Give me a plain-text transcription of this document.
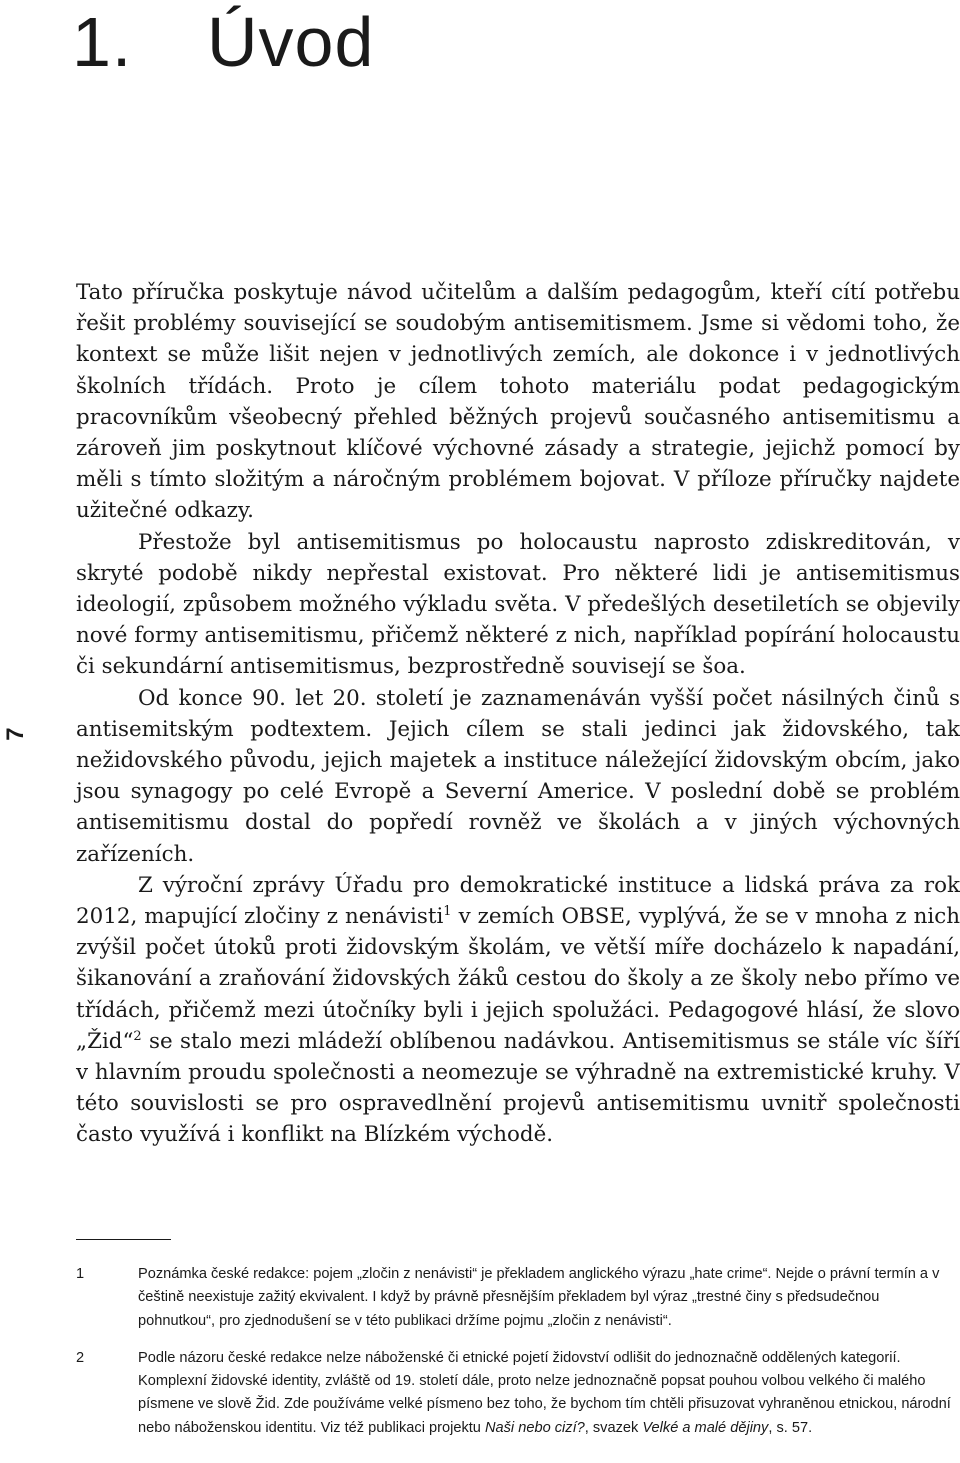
1. Úvod
7

Tato příručka poskytuje návod učitelům a dalším pedagogům, kteří cítí potřebu řešit problémy související se soudobým antisemitismem. Jsme si vědomi toho, že kontext se může lišit nejen v jednotlivých zemích, ale dokonce i v jednotlivých školních třídách. Proto je cílem tohoto materiálu podat pedagogickým pracovníkům všeobecný přehled běžných projevů současného antisemitismu a zároveň jim poskytnout klíčové výchovné zásady a strategie, jejichž pomocí by měli s tímto složitým a náročným problémem bojovat. V příloze příručky najdete užitečné odkazy.

Přestože byl antisemitismus po holocaustu naprosto zdiskreditován, v skryté podobě nikdy nepřestal existovat. Pro některé lidi je antisemitismus ideologií, způsobem možného výkladu světa. V předešlých desetiletích se objevily nové formy antisemitismu, přičemž některé z nich, například popírání holocaustu či sekundární antisemitismus, bezprostředně souvisejí se šoa.

Od konce 90. let 20. století je zaznamenáván vyšší počet násilných činů s antisemitským podtextem. Jejich cílem se stali jedinci jak židovského, tak nežidovského původu, jejich majetek a instituce náležející židovským obcím, jako jsou synagogy po celé Evropě a Severní Americe. V poslední době se problém antisemitismu dostal do popředí rovněž ve školách a v jiných výchovných zařízeních.

Z výroční zprávy Úřadu pro demokratické instituce a lidská práva za rok 2012, mapující zločiny z nenávisti$^1$ v zemích OBSE, vyplývá, že se v mnoha z nich zvýšil počet útoků proti židovským školám, ve větší míře docházelo k napadání, šikanování a zraňování židovských žáků cestou do školy a ze školy nebo přímo ve třídách, přičemž mezi útočníky byli i jejich spolužáci. Pedagogové hlásí, že slovo „Žid“$^2$ se stalo mezi mládeží oblíbenou nadávkou. Antisemitismus se stále víc šíří v hlavním proudu společnosti a neomezuje se výhradně na extremistické kruhy. V této souvislosti se pro ospravedlnění projevů antisemitismu uvnitř společnosti často využívá i konflikt na Blízkém východě.

1	Poznámka české redakce: pojem „zločin z nenávisti“ je překladem anglického výrazu „hate crime“. Nejde o právní termín a v češtině neexistuje zažitý ekvivalent. I když by právně přesnějším překladem byl výraz „trestné činy s předsudečnou pohnutkou“, pro zjednodušení se v této publikaci držíme pojmu „zločin z nenávisti“.
2	Podle názoru české redakce nelze náboženské či etnické pojetí židovství odlišit do jednoznačně oddělených kategorií. Komplexní židovské identity, zvláště od 19. století dále, proto nelze jednoznačně popsat pouhou volbou velkého či malého písmene ve slově Žid. Zde používáme velké písmeno bez toho, že bychom tím chtěli přisuzovat vyhraněnou etnickou, národní nebo náboženskou identitu. Viz též publikaci projektu Naši nebo cizí?, svazek Velké a malé dějiny, s. 57.
